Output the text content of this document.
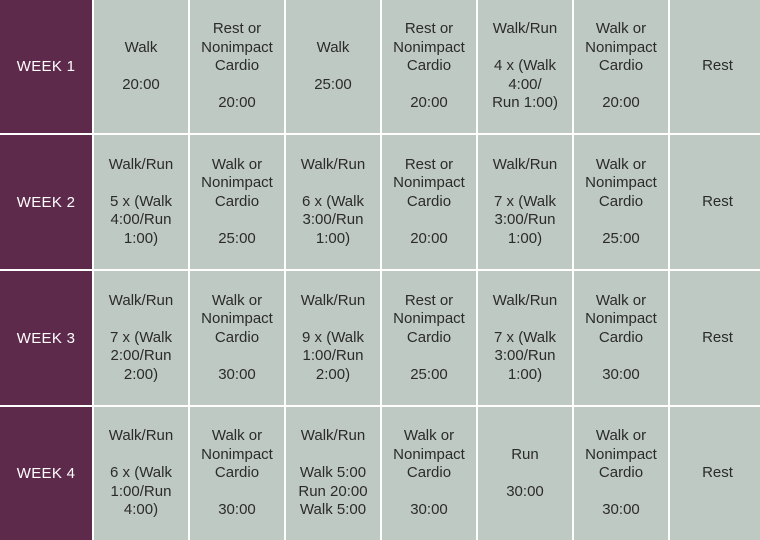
WEEK 1
Walk

20:00
Rest or
Nonimpact
Cardio

20:00
Walk

25:00
Rest or
Nonimpact
Cardio

20:00
Walk/Run

4 x (Walk
4:00/
Run 1:00)
Walk or
Nonimpact
Cardio

20:00
Rest
WEEK 2
Walk/Run

5 x (Walk
4:00/Run
1:00)
Walk or
Nonimpact
Cardio

25:00
Walk/Run

6 x (Walk
3:00/Run
1:00)
Rest or
Nonimpact
Cardio

20:00
Walk/Run

7 x (Walk
3:00/Run
1:00)
Walk or
Nonimpact
Cardio

25:00
Rest
WEEK 3
Walk/Run

7 x (Walk
2:00/Run
2:00)
Walk or
Nonimpact
Cardio

30:00
Walk/Run

9 x (Walk
1:00/Run
2:00)
Rest or
Nonimpact
Cardio

25:00
Walk/Run

7 x (Walk
3:00/Run
1:00)
Walk or
Nonimpact
Cardio

30:00
Rest
WEEK 4
Walk/Run

6 x (Walk
1:00/Run
4:00)
Walk or
Nonimpact
Cardio

30:00
Walk/Run

Walk 5:00
Run 20:00
Walk 5:00
Walk or
Nonimpact
Cardio

30:00
Run

30:00
Walk or
Nonimpact
Cardio

30:00
Rest
